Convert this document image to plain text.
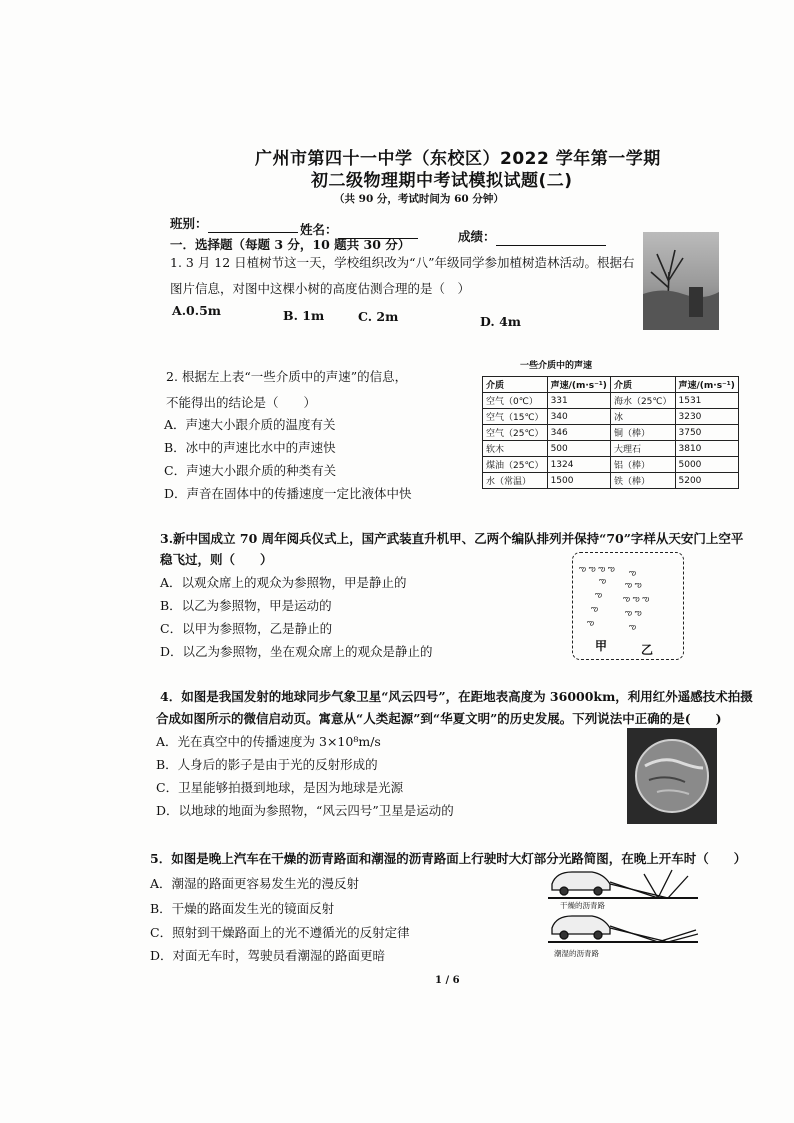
广州市第四十一中学（东校区）2022 学年第一学期
初二级物理期中考试模拟试题(二)
（共 90 分，考试时间为 60 分钟）
班别：	姓名：	成绩：
一．选择题（每题 3 分，10 题共 30 分）
1. 3 月 12 日植树节这一天，学校组织改为“八”年级同学参加植树造林活动。根据右
图片信息，对图中这棵小树的高度估测合理的是（　）
A.0.5m	B. 1m	C. 2m	D. 4m
2. 根据左上表“一些介质中的声速”的信息，
不能得出的结论是（　　）
A．声速大小跟介质的温度有关
B．冰中的声速比水中的声速快
C．声速大小跟介质的种类有关
D．声音在固体中的传播速度一定比液体中快
一些介质中的声速
介质	声速/(m·s⁻¹)	介质	声速/(m·s⁻¹)
空气（0℃）	331	海水（25℃）	1531
空气（15℃）	340	冰	3230
空气（25℃）	346	铜（棒）	3750
软木	500	大理石	3810
煤油（25℃）	1324	铝（棒）	5000
水（常温）	1500	铁（棒）	5200
3.新中国成立 70 周年阅兵仪式上，国产武装直升机甲、乙两个编队排列并保持“70”字样从天安门上空平
稳飞过，则（　　）
A．以观众席上的观众为参照物，甲是静止的
B．以乙为参照物，甲是运动的
C．以甲为参照物，乙是静止的
D．以乙为参照物，坐在观众席上的观众是静止的
ఌ ఌ ఌ ఌ
ఌ
ఌ
ఌ
ఌ
ఌ
ఌ ఌ
ఌ ఌ ఌ
ఌ ఌ
ఌ
甲	乙
4．如图是我国发射的地球同步气象卫星“风云四号”，在距地表高度为 36000km，利用红外遥感技术拍摄
合成如图所示的微信启动页。寓意从“人类起源”到“华夏文明”的历史发展。下列说法中正确的是(　　)
A．光在真空中的传播速度为 3×10⁸m/s
B．人身后的影子是由于光的反射形成的
C．卫星能够拍摄到地球，是因为地球是光源
D．以地球的地面为参照物，“风云四号”卫星是运动的
5．如图是晚上汽车在干燥的沥青路面和潮湿的沥青路面上行驶时大灯部分光路简图，在晚上开车时（　　）
A．潮湿的路面更容易发生光的漫反射
B．干燥的路面发生光的镜面反射
C．照射到干燥路面上的光不遵循光的反射定律
D．对面无车时，驾驶员看潮湿的路面更暗
干燥的沥青路
潮湿的沥青路
1 / 6
